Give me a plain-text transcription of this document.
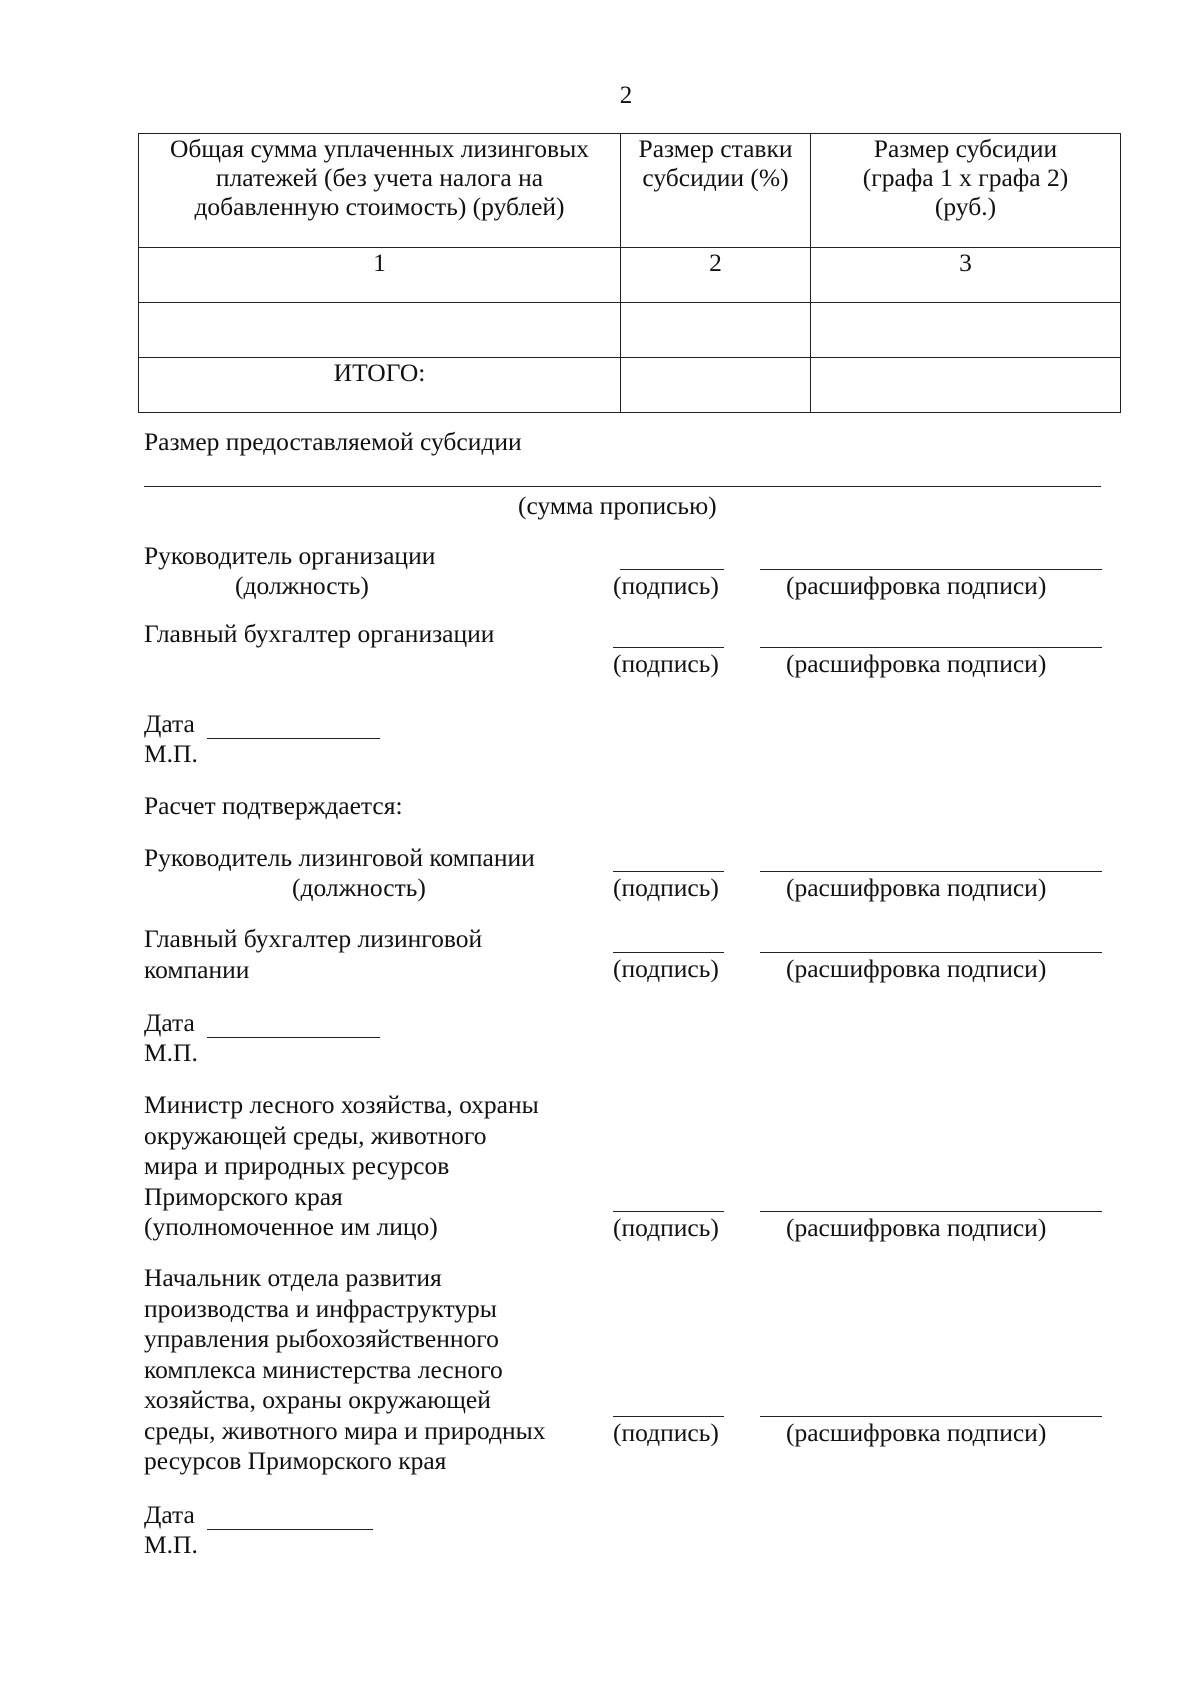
2
Общая сумма уплаченных лизинговых платежей (без учета налога на добавленную стоимость) (рублей)	Размер ставки субсидии (%)	Размер субсидии (графа 1 х графа 2) (руб.)
1	2	3

ИТОГО:		
Размер предоставляемой субсидии
(сумма прописью)
Руководитель организации
(должность)	(подпись)	(расшифровка подписи)
Главный бухгалтер организации
(подпись)	(расшифровка подписи)
Дата
М.П.
Расчет подтверждается:
Руководитель лизинговой компании
(должность)	(подпись)	(расшифровка подписи)
Главный бухгалтер лизинговой
компании	(подпись)	(расшифровка подписи)
Дата
М.П.
Министр лесного хозяйства, охраны
окружающей среды, животного
мира и природных ресурсов
Приморского края
(уполномоченное им лицо)	(подпись)	(расшифровка подписи)
Начальник отдела развития
производства и инфраструктуры
управления рыбохозяйственного
комплекса министерства лесного
хозяйства, охраны окружающей
среды, животного мира и природных
ресурсов Приморского края
(подпись)	(расшифровка подписи)
Дата
М.П.
